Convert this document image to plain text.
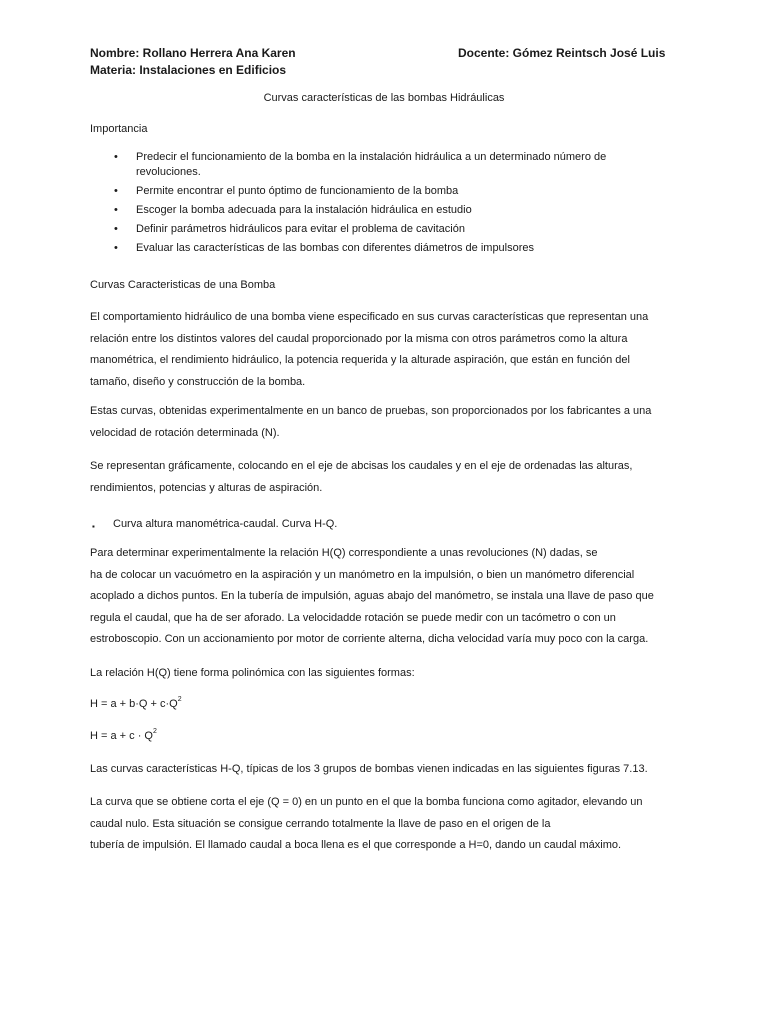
Nombre: Rollano Herrera Ana Karen	Docente: Gómez Reintsch José Luis
Materia: Instalaciones en Edificios
Curvas características de las bombas Hidráulicas
Importancia
• Predecir el funcionamiento de la bomba en la instalación hidráulica a un determinado número de
revoluciones.
• Permite encontrar el punto óptimo de funcionamiento de la bomba
• Escoger la bomba adecuada para la instalación hidráulica en estudio
• Definir parámetros hidráulicos para evitar el problema de cavitación
• Evaluar las características de las bombas con diferentes diámetros de impulsores
Curvas Caracteristicas de una Bomba

El comportamiento hidráulico de una bomba viene especificado en sus curvas características que representan una
relación entre los distintos valores del caudal proporcionado por la misma con otros parámetros como la altura
manométrica, el rendimiento hidráulico, la potencia requerida y la alturade aspiración, que están en función del
tamaño, diseño y construcción de la bomba.

Estas curvas, obtenidas experimentalmente en un banco de pruebas, son proporcionados por los fabricantes a una
velocidad de rotación determinada (N).

Se representan gráficamente, colocando en el eje de abcisas los caudales y en el eje de ordenadas las alturas,
rendimientos, potencias y alturas de aspiración.

▪ Curva altura manométrica-caudal. Curva H-Q.

Para determinar experimentalmente la relación H(Q) correspondiente a unas revoluciones (N) dadas, se
ha de colocar un vacuómetro en la aspiración y un manómetro en la impulsión, o bien un manómetro diferencial
acoplado a dichos puntos. En la tubería de impulsión, aguas abajo del manómetro, se instala una llave de paso que
regula el caudal, que ha de ser aforado. La velocidadde rotación se puede medir con un tacómetro o con un
estroboscopio. Con un accionamiento por motor de corriente alterna, dicha velocidad varía muy poco con la carga.

La relación H(Q) tiene forma polinómica con las siguientes formas:

$H = a + b\cdot Q + c\cdot Q^2$
$H = a + c \cdot Q^2$

Las curvas características H-Q, típicas de los 3 grupos de bombas vienen indicadas en las siguientes figuras 7.13.

La curva que se obtiene corta el eje (Q = 0) en un punto en el que la bomba funciona como agitador, elevando un
caudal nulo. Esta situación se consigue cerrando totalmente la llave de paso en el origen de la
tubería de impulsión. El llamado caudal a boca llena es el que corresponde a H=0, dando un caudal máximo.
